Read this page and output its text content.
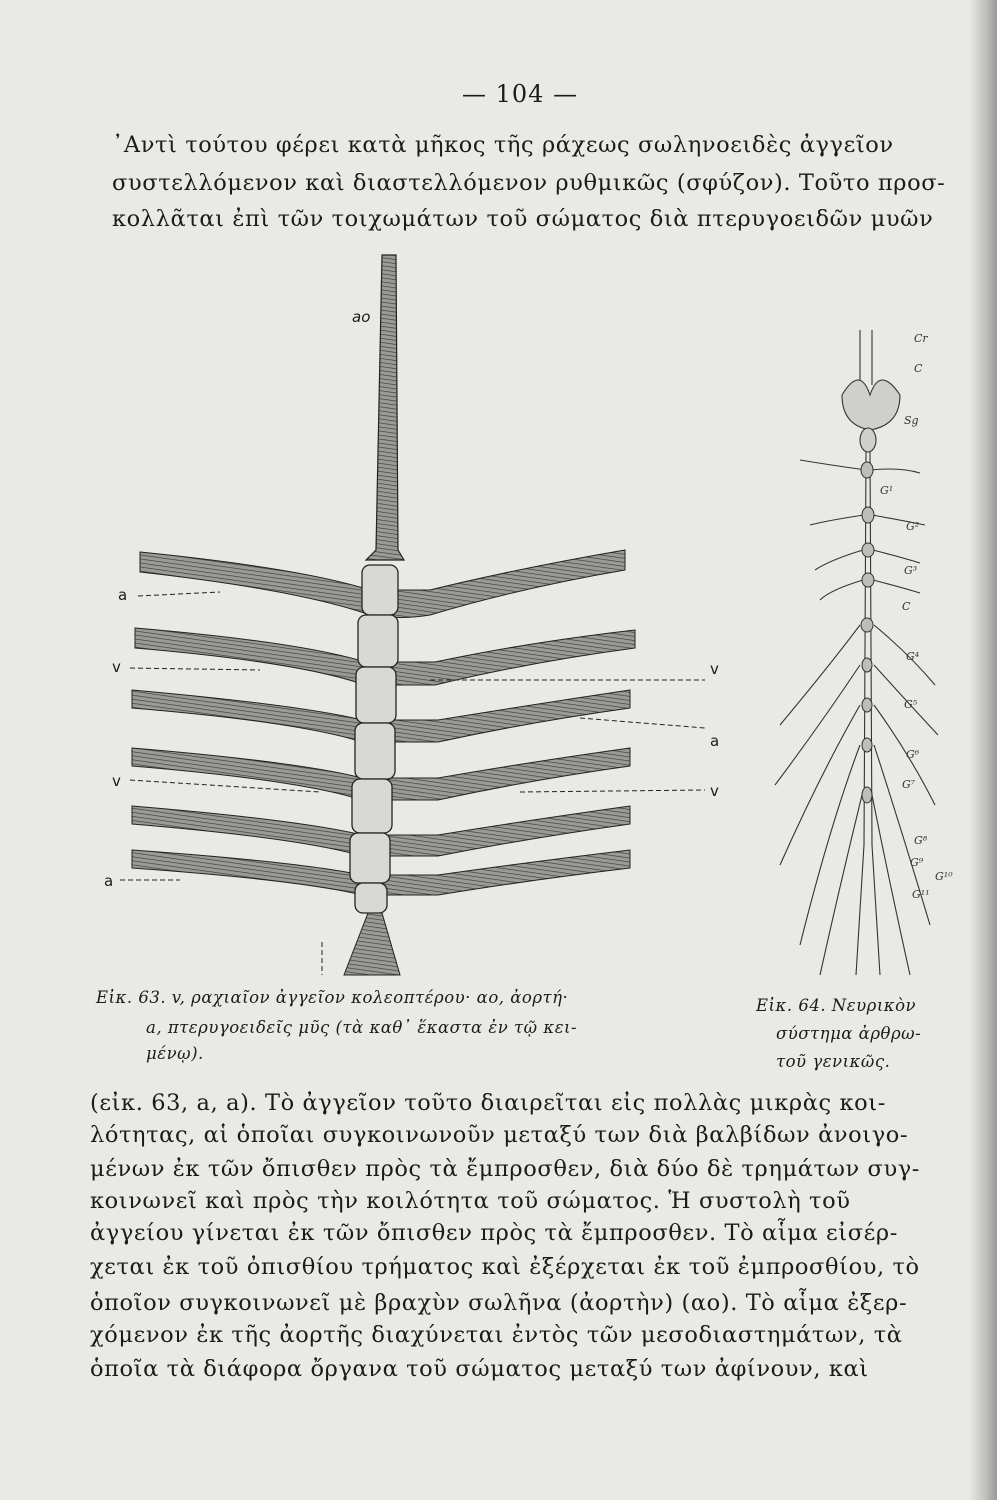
— 104 —
᾽Αντὶ τούτου φέρει κατὰ μῆκος τῆς ράχεως σωληνοειδὲς ἀγγεῖον
συστελλόμενον καὶ διαστελλόμενον ρυθμικῶς (σφύζον). Τοῦτο προσ-
κολλᾶται ἐπὶ τῶν τοιχωμάτων τοῦ σώματος διὰ πτερυγοειδῶν μυῶν
ao
a
v	v
a
v
v
a
Cr
C
Sg
G¹
G²
G³
C
G⁴
G⁵
G⁶
G⁷
G⁸
G⁹
G¹¹
G¹⁰
Εἰκ. 63. v, ραχιαῖον ἀγγεῖον κολεοπτέρου· αο, ἀορτή·
a, πτερυγοειδεῖς μῦς (τὰ καθ᾽ ἕκαστα ἐν τῷ κει-
μένῳ).
Εἰκ. 64. Νευρικὸν
σύστημα ἀρθρω-
τοῦ γενικῶς.
(εἰκ. 63, a, a). Τὸ ἀγγεῖον τοῦτο διαιρεῖται εἰς πολλὰς μικρὰς κοι-
λότητας, αἱ ὁποῖαι συγκοινωνοῦν μεταξύ των διὰ βαλβίδων ἀνοιγο-
μένων ἐκ τῶν ὄπισθεν πρὸς τὰ ἔμπροσθεν, διὰ δύο δὲ τρημάτων συγ-
κοινωνεῖ καὶ πρὸς τὴν κοιλότητα τοῦ σώματος. Ἡ συστολὴ τοῦ
ἀγγείου γίνεται ἐκ τῶν ὄπισθεν πρὸς τὰ ἔμπροσθεν. Τὸ αἷμα εἰσέρ-
χεται ἐκ τοῦ ὀπισθίου τρήματος καὶ ἐξέρχεται ἐκ τοῦ ἐμπροσθίου, τὸ
ὁποῖον συγκοινωνεῖ μὲ βραχὺν σωλῆνα (ἀορτὴν) (αο). Τὸ αἷμα ἐξερ-
χόμενον ἐκ τῆς ἀορτῆς διαχύνεται ἐντὸς τῶν μεσοδιαστημάτων, τὰ
ὁποῖα τὰ διάφορα ὄργανα τοῦ σώματος μεταξύ των ἀφίνουν, καὶ
